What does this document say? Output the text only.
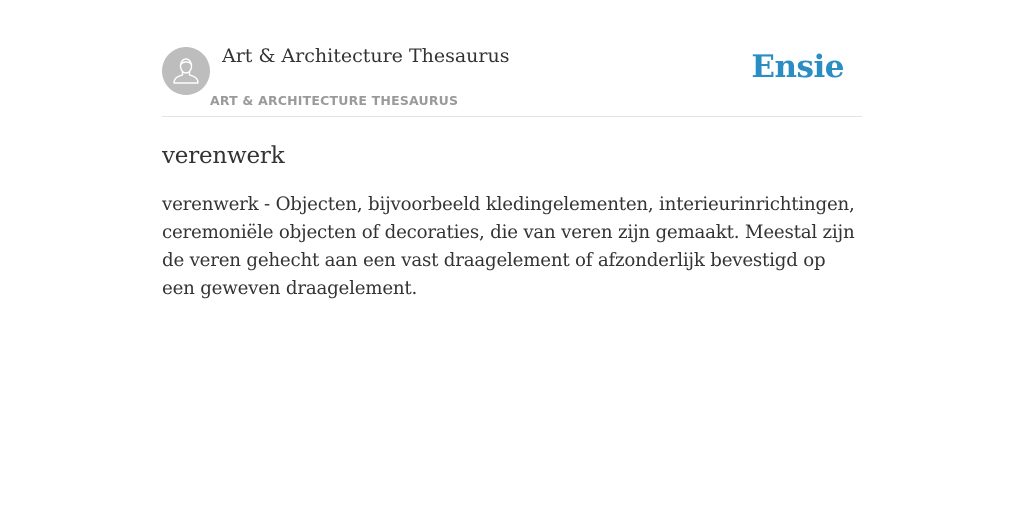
Art & Architecture Thesaurus
ART & ARCHITECTURE THESAURUS
Ensie
verenwerk

verenwerk - Objecten, bijvoorbeeld kledingelementen, interieurinrichtingen, ceremoniële objecten of decoraties, die van veren zijn gemaakt. Meestal zijn de veren gehecht aan een vast draagelement of afzonderlijk bevestigd op een geweven draagelement.
